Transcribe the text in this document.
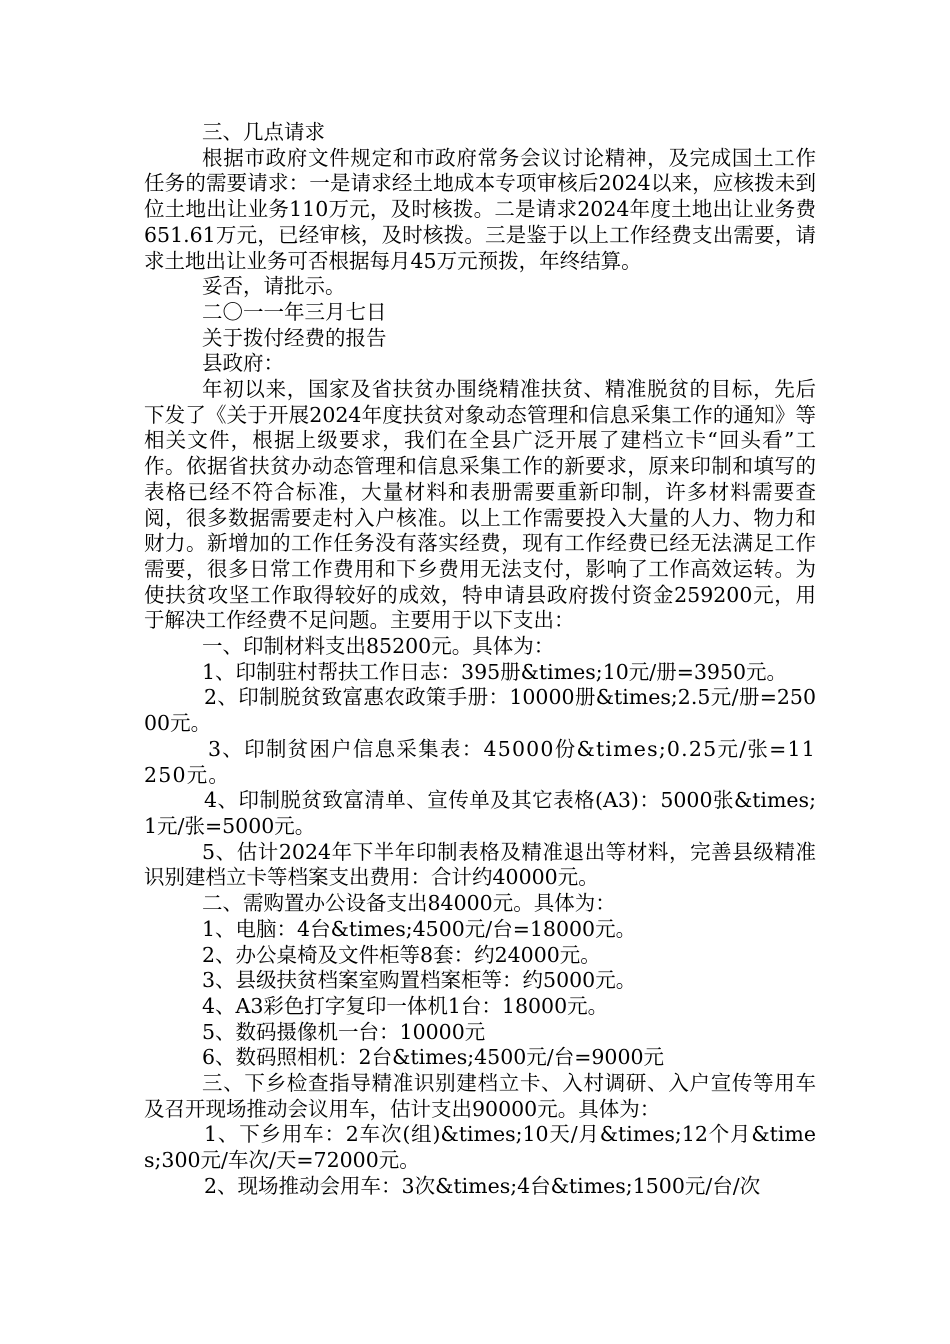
三、几点请求

根据市政府文件规定和市政府常务会议讨论精神，及完成国土工作任务的需要请求：一是请求经土地成本专项审核后2024以来，应核拨未到位土地出让业务110万元，及时核拨。二是请求2024年度土地出让业务费651.61万元，已经审核，及时核拨。三是鉴于以上工作经费支出需要，请求土地出让业务可否根据每月45万元预拨，年终结算。

妥否，请批示。

二〇一一年三月七日

关于拨付经费的报告

县政府：

年初以来，国家及省扶贫办围绕精准扶贫、精准脱贫的目标，先后下发了《关于开展2024年度扶贫对象动态管理和信息采集工作的通知》等相关文件，根据上级要求，我们在全县广泛开展了建档立卡“回头看”工作。依据省扶贫办动态管理和信息采集工作的新要求，原来印制和填写的表格已经不符合标准，大量材料和表册需要重新印制，许多材料需要查阅，很多数据需要走村入户核准。以上工作需要投入大量的人力、物力和财力。新增加的工作任务没有落实经费，现有工作经费已经无法满足工作需要，很多日常工作费用和下乡费用无法支付，影响了工作高效运转。为使扶贫攻坚工作取得较好的成效，特申请县政府拨付资金259200元，用于解决工作经费不足问题。主要用于以下支出：

一、印制材料支出85200元。具体为：

1、印制驻村帮扶工作日志：395册&times;10元/册=3950元。

2、印制脱贫致富惠农政策手册：10000册&times;2.5元/册=25000元。

3、印制贫困户信息采集表：45000份&times;0.25元/张=11250元。

4、印制脱贫致富清单、宣传单及其它表格(A3)：5000张&times;1元/张=5000元。

5、估计2024年下半年印制表格及精准退出等材料，完善县级精准识别建档立卡等档案支出费用：合计约40000元。

二、需购置办公设备支出84000元。具体为：

1、电脑：4台&times;4500元/台=18000元。

2、办公桌椅及文件柜等8套：约24000元。

3、县级扶贫档案室购置档案柜等：约5000元。

4、A3彩色打字复印一体机1台：18000元。

5、数码摄像机一台：10000元

6、数码照相机：2台&times;4500元/台=9000元

三、下乡检查指导精准识别建档立卡、入村调研、入户宣传等用车及召开现场推动会议用车，估计支出90000元。具体为：

1、下乡用车：2车次(组)&times;10天/月&times;12个月&times;300元/车次/天=72000元。

2、现场推动会用车：3次&times;4台&times;1500元/台/次
